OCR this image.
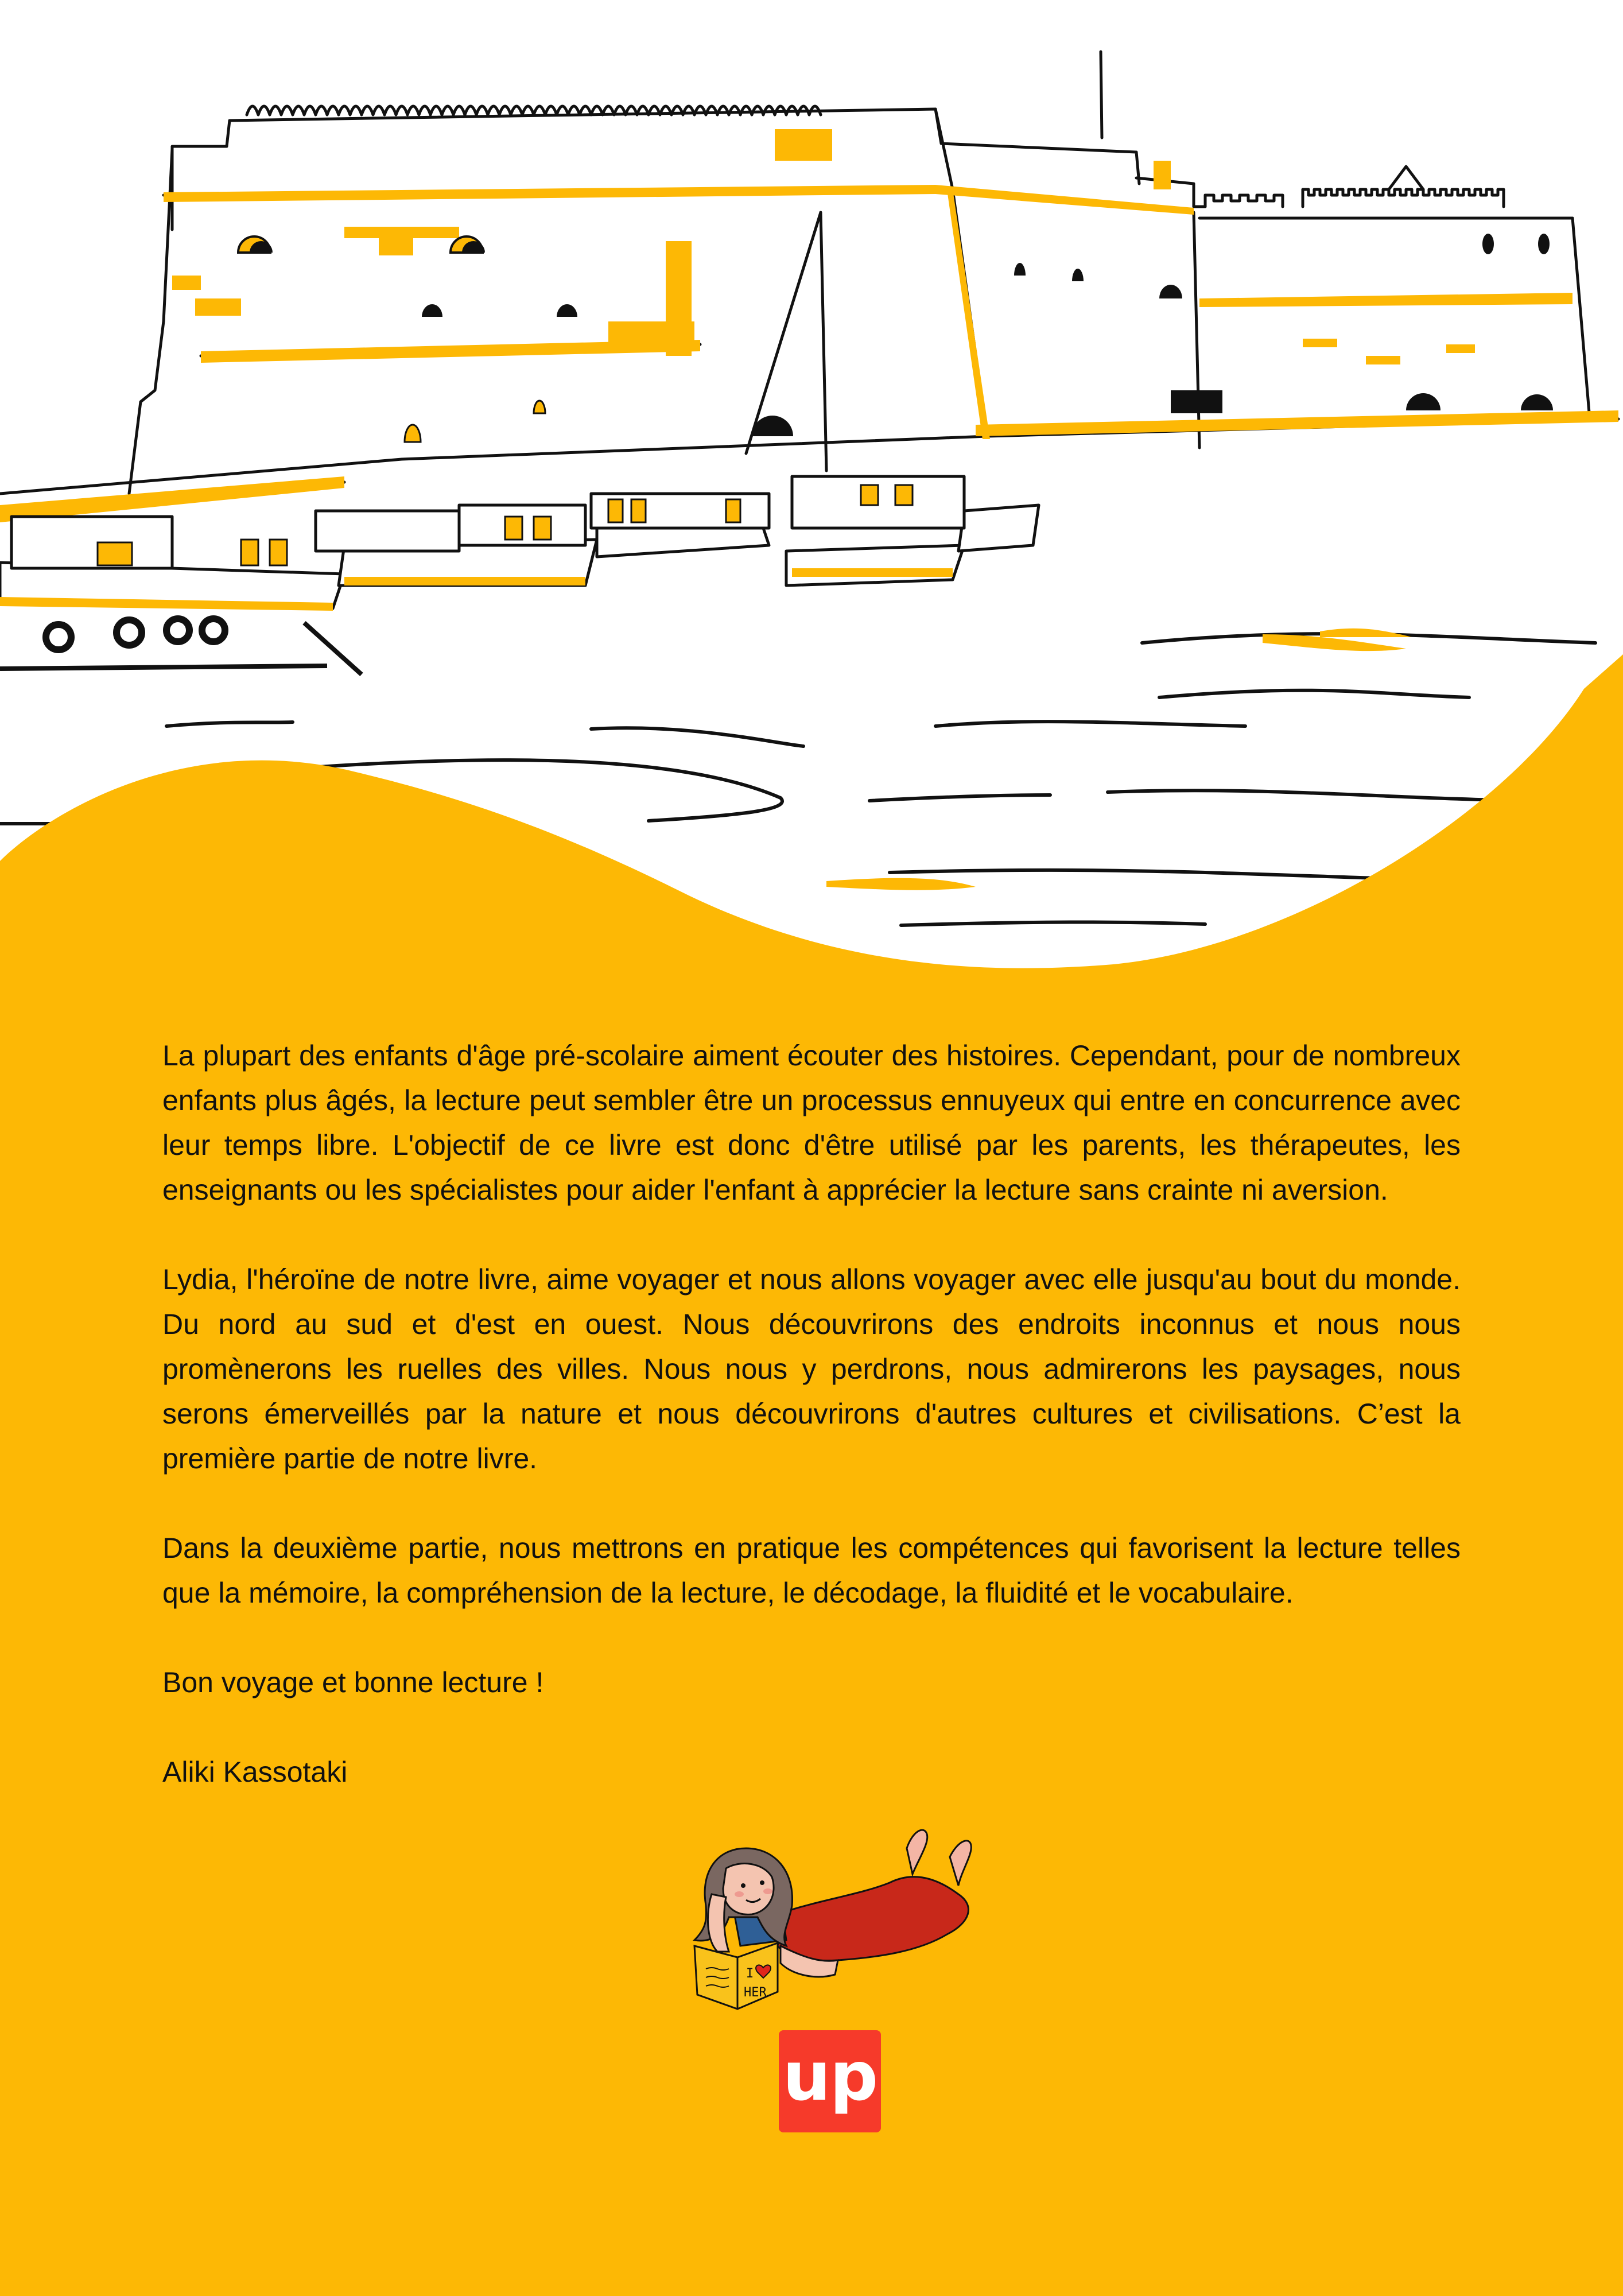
La plupart des enfants d'âge pré-scolaire aiment écouter des histoires. Cependant, pour de nombreux enfants plus âgés, la lecture peut sembler être un processus ennuyeux qui entre en concurrence avec leur temps libre. L'objectif de ce livre est donc d'être utilisé par les parents, les thérapeutes, les enseignants ou les spécialistes pour aider l'enfant à apprécier la lecture sans crainte ni aversion.

Lydia, l'héroïne de notre livre, aime voyager et nous allons voyager avec elle jusqu'au bout du monde. Du nord au sud et d'est en ouest. Nous découvrirons des endroits inconnus et nous nous promènerons les ruelles des villes. Nous nous y perdrons, nous admirerons les paysages, nous serons émerveillés par la nature et nous découvrirons d'autres cultures et civilisations. C’est la première partie de notre livre.

Dans la deuxième partie, nous mettrons en pratique les compétences qui favorisent la lecture telles que la mémoire, la compréhension de la lecture, le décodage, la fluidité et le vocabulaire.

Bon voyage et bonne lecture !

Aliki Kassotaki

I
HER
up
